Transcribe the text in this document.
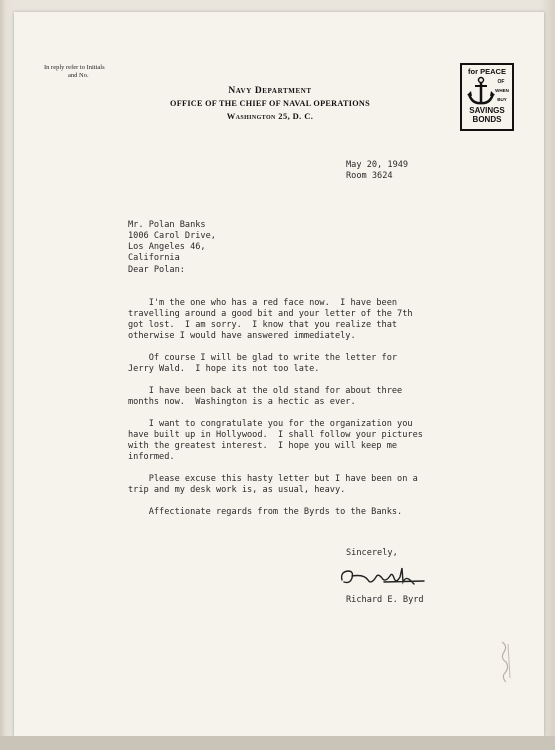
In reply refer to Initials
and No.
Navy Department
OFFICE OF THE CHIEF OF NAVAL OPERATIONS
Washington 25, D. C.
for PEACE
OF
WHEN
BUY
SAVINGS
BONDS
May 20, 1949
Room 3624
Mr. Polan Banks
1006 Carol Drive,
Los Angeles 46,
California
Dear Polan:
I'm the one who has a red face now.  I have been
travelling around a good bit and your letter of the 7th
got lost.  I am sorry.  I know that you realize that
otherwise I would have answered immediately.
Of course I will be glad to write the letter for
Jerry Wald.  I hope its not too late.
I have been back at the old stand for about three
months now.  Washington is a hectic as ever.
I want to congratulate you for the organization you
have built up in Hollywood.  I shall follow your pictures
with the greatest interest.  I hope you will keep me
informed.
Please excuse this hasty letter but I have been on a
trip and my desk work is, as usual, heavy.
Affectionate regards from the Byrds to the Banks.
Sincerely,
Richard E. Byrd
